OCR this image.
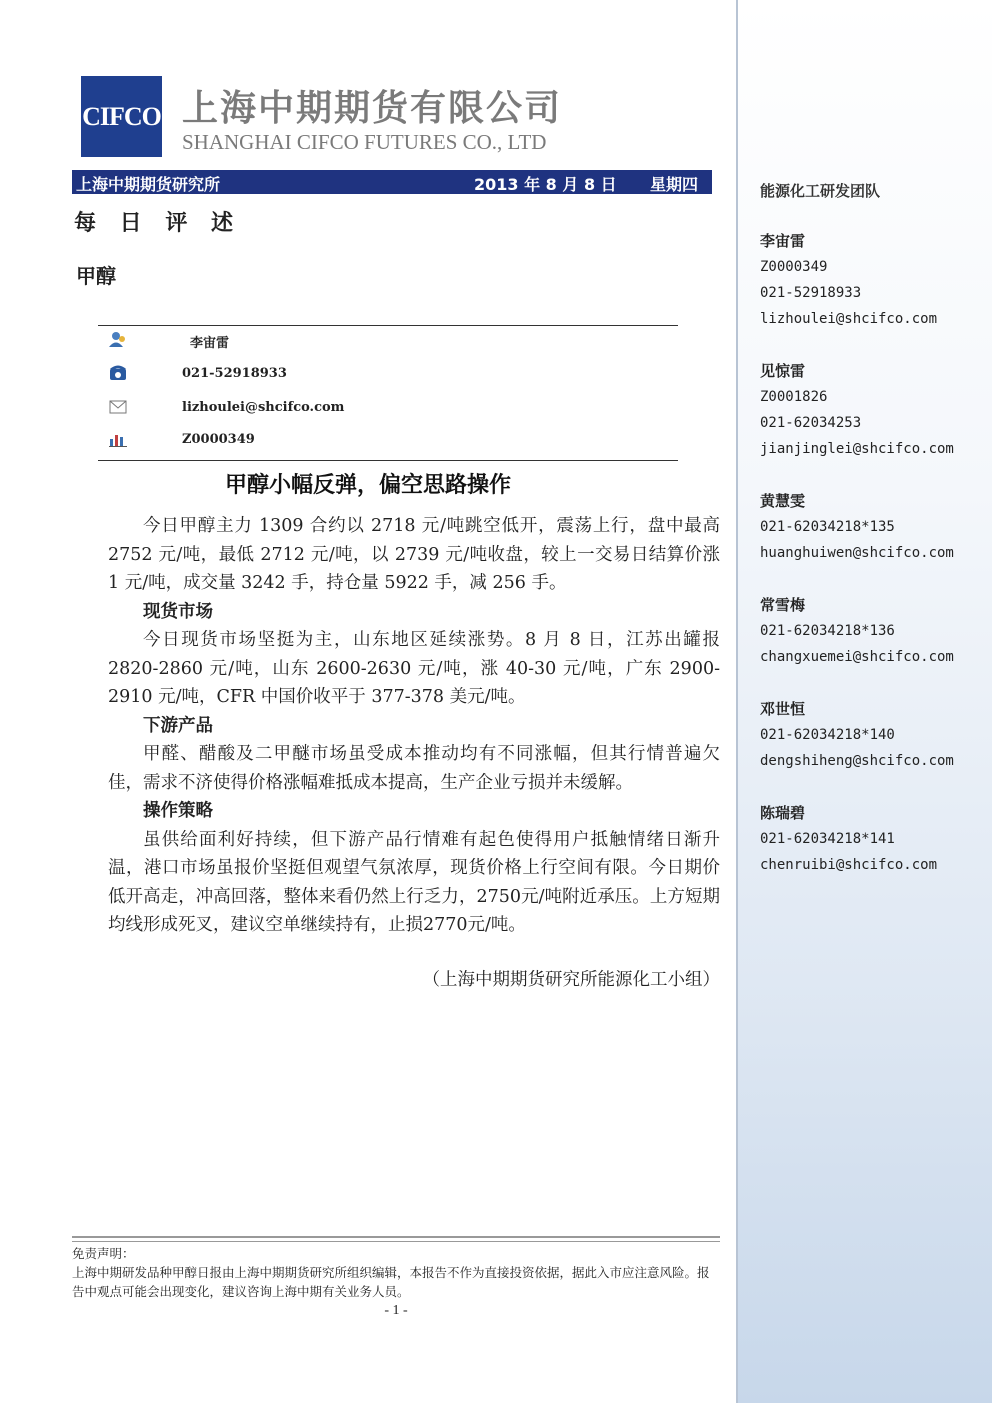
能源化工研发团队
李宙雷
Z0000349
021-52918933
lizhoulei@shcifco.com
见惊雷
Z0001826
021-62034253
jianjinglei@shcifco.com
黄慧雯
021-62034218*135
huanghuiwen@shcifco.com
常雪梅
021-62034218*136
changxuemei@shcifco.com
邓世恒
021-62034218*140
dengshiheng@shcifco.com
陈瑞碧
021-62034218*141
chenruibi@shcifco.com
CIFCO 上海中期期货有限公司
SHANGHAI CIFCO FUTURES CO., LTD
上海中期期货研究所	2013 年 8 月 8 日 星期四
每 日 评 述
甲醇
李宙雷
021-52918933
lizhoulei@shcifco.com
Z0000349
甲醇小幅反弹，偏空思路操作

今日甲醇主力 1309 合约以 2718 元/吨跳空低开，震荡上行，盘中最高 2752 元/吨，最低 2712 元/吨，以 2739 元/吨收盘，较上一交易日结算价涨 1 元/吨，成交量 3242 手，持仓量 5922 手，减 256 手。

现货市场

今日现货市场坚挺为主，山东地区延续涨势。8 月 8 日，江苏出罐报 2820-2860 元/吨，山东 2600-2630 元/吨，涨 40-30 元/吨，广东 2900-2910 元/吨，CFR 中国价收平于 377-378 美元/吨。

下游产品

甲醛、醋酸及二甲醚市场虽受成本推动均有不同涨幅，但其行情普遍欠佳，需求不济使得价格涨幅难抵成本提高，生产企业亏损并未缓解。

操作策略

虽供给面利好持续，但下游产品行情难有起色使得用户抵触情绪日渐升温，港口市场虽报价坚挺但观望气氛浓厚，现货价格上行空间有限。今日期价低开高走，冲高回落，整体来看仍然上行乏力，2750元/吨附近承压。上方短期均线形成死叉，建议空单继续持有，止损2770元/吨。

（上海中期期货研究所能源化工小组）
免责声明：
上海中期研发品种甲醇日报由上海中期期货研究所组织编辑，本报告不作为直接投资依据，据此入市应注意风险。报告中观点可能会出现变化，建议咨询上海中期有关业务人员。
- 1 -
